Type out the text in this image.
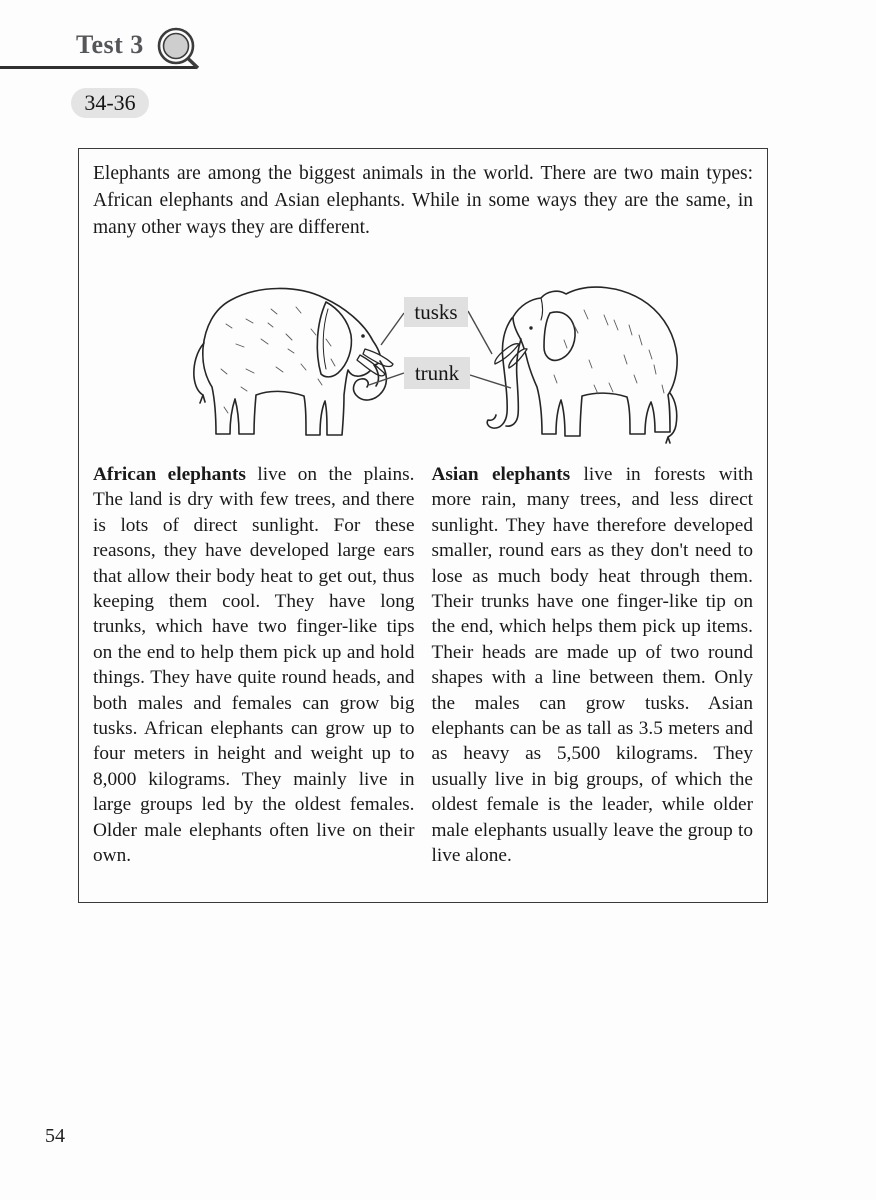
Test 3
34-36

Elephants are among the biggest animals in the world. There are two main types: African elephants and Asian elephants. While in some ways they are the same, in many other ways they are different.

tusks
trunk

African elephants live on the plains. The land is dry with few trees, and there is lots of direct sunlight. For these reasons, they have developed large ears that allow their body heat to get out, thus keeping them cool. They have long trunks, which have two finger-like tips on the end to help them pick up and hold things. They have quite round heads, and both males and females can grow big tusks. African elephants can grow up to four meters in height and weight up to 8,000 kilograms. They mainly live in large groups led by the oldest females. Older male elephants often live on their own.

Asian elephants live in forests with more rain, many trees, and less direct sunlight. They have therefore developed smaller, round ears as they don't need to lose as much body heat through them. Their trunks have one finger-like tip on the end, which helps them pick up items. Their heads are made up of two round shapes with a line between them. Only the males can grow tusks. Asian elephants can be as tall as 3.5 meters and as heavy as 5,500 kilograms. They usually live in big groups, of which the oldest female is the leader, while older male elephants usually leave the group to live alone.

54
